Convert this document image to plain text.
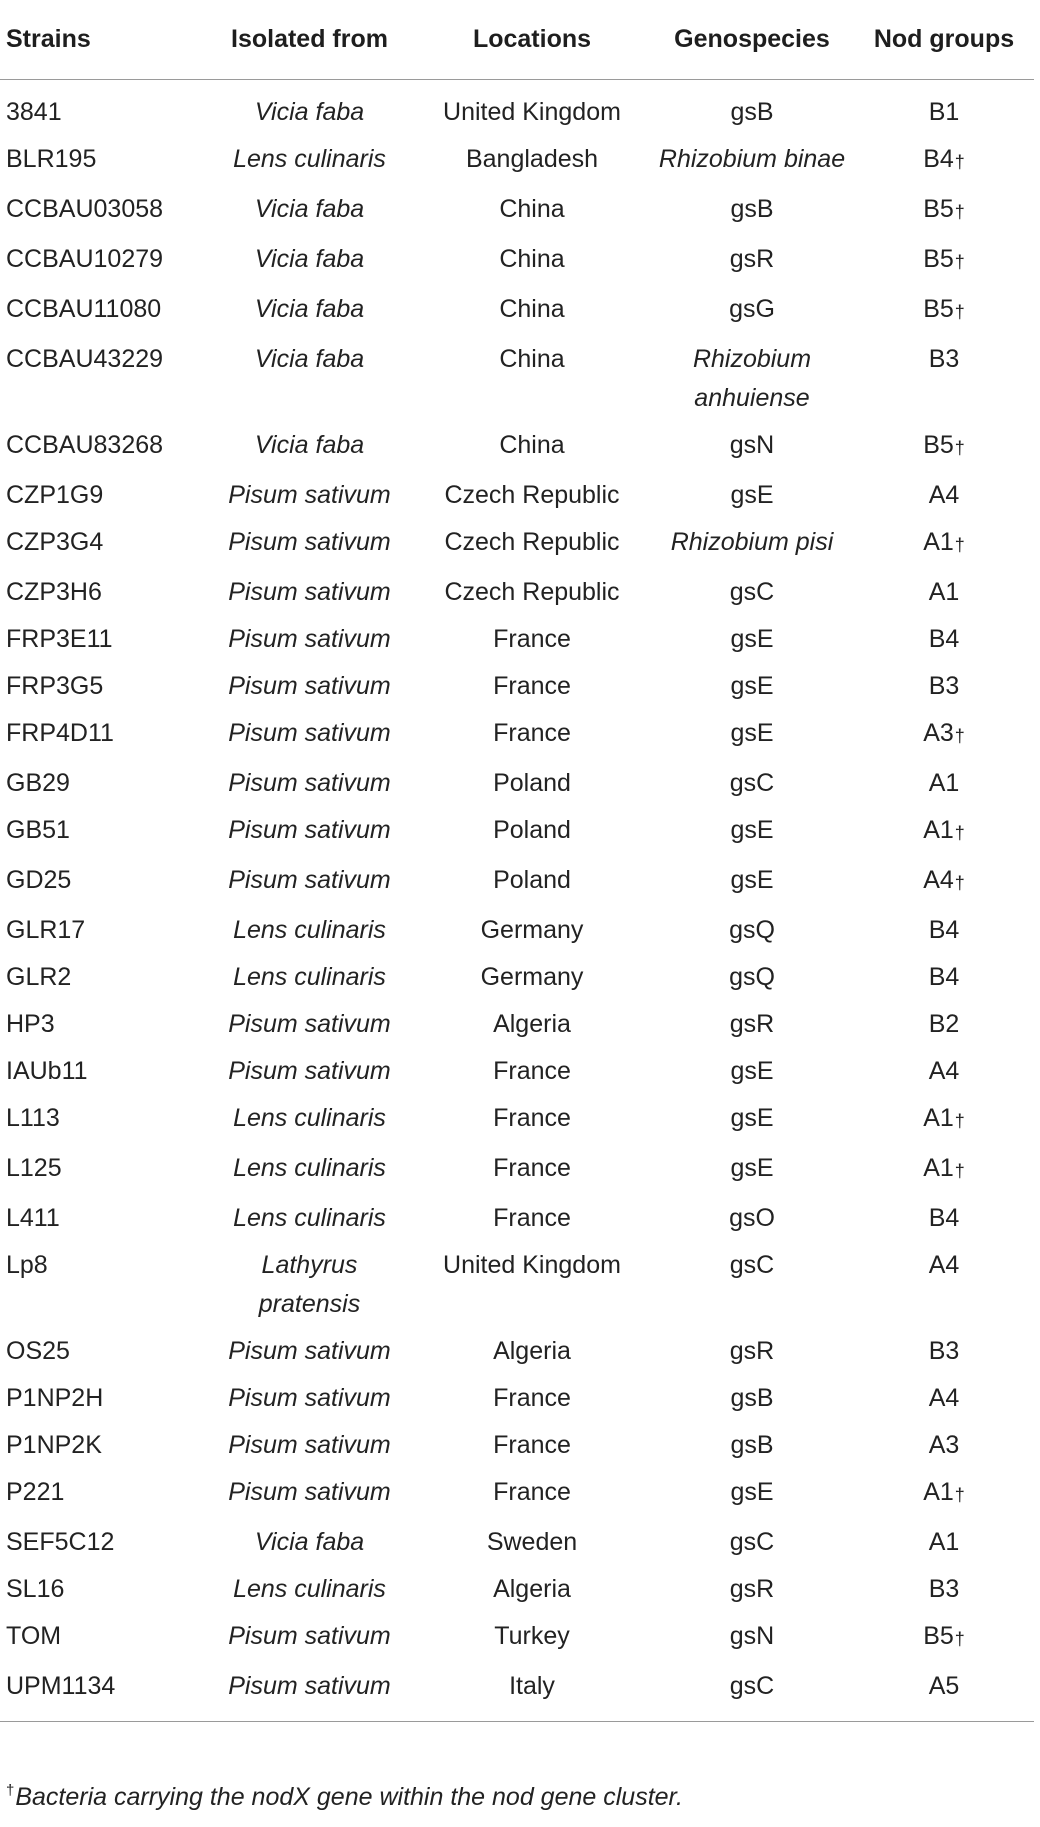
Strains	Isolated from	Locations	Genospecies	Nod groups
3841	Vicia faba	United Kingdom	gsB	B1
BLR195	Lens culinaris	Bangladesh	Rhizobium binae	B4†
CCBAU03058	Vicia faba	China	gsB	B5†
CCBAU10279	Vicia faba	China	gsR	B5†
CCBAU11080	Vicia faba	China	gsG	B5†
CCBAU43229	Vicia faba	China	Rhizobium anhuiense	B3
CCBAU83268	Vicia faba	China	gsN	B5†
CZP1G9	Pisum sativum	Czech Republic	gsE	A4
CZP3G4	Pisum sativum	Czech Republic	Rhizobium pisi	A1†
CZP3H6	Pisum sativum	Czech Republic	gsC	A1
FRP3E11	Pisum sativum	France	gsE	B4
FRP3G5	Pisum sativum	France	gsE	B3
FRP4D11	Pisum sativum	France	gsE	A3†
GB29	Pisum sativum	Poland	gsC	A1
GB51	Pisum sativum	Poland	gsE	A1†
GD25	Pisum sativum	Poland	gsE	A4†
GLR17	Lens culinaris	Germany	gsQ	B4
GLR2	Lens culinaris	Germany	gsQ	B4
HP3	Pisum sativum	Algeria	gsR	B2
IAUb11	Pisum sativum	France	gsE	A4
L113	Lens culinaris	France	gsE	A1†
L125	Lens culinaris	France	gsE	A1†
L411	Lens culinaris	France	gsO	B4
Lp8	Lathyrus pratensis	United Kingdom	gsC	A4
OS25	Pisum sativum	Algeria	gsR	B3
P1NP2H	Pisum sativum	France	gsB	A4
P1NP2K	Pisum sativum	France	gsB	A3
P221	Pisum sativum	France	gsE	A1†
SEF5C12	Vicia faba	Sweden	gsC	A1
SL16	Lens culinaris	Algeria	gsR	B3
TOM	Pisum sativum	Turkey	gsN	B5†
UPM1134	Pisum sativum	Italy	gsC	A5
†Bacteria carrying the nodX gene within the nod gene cluster.
